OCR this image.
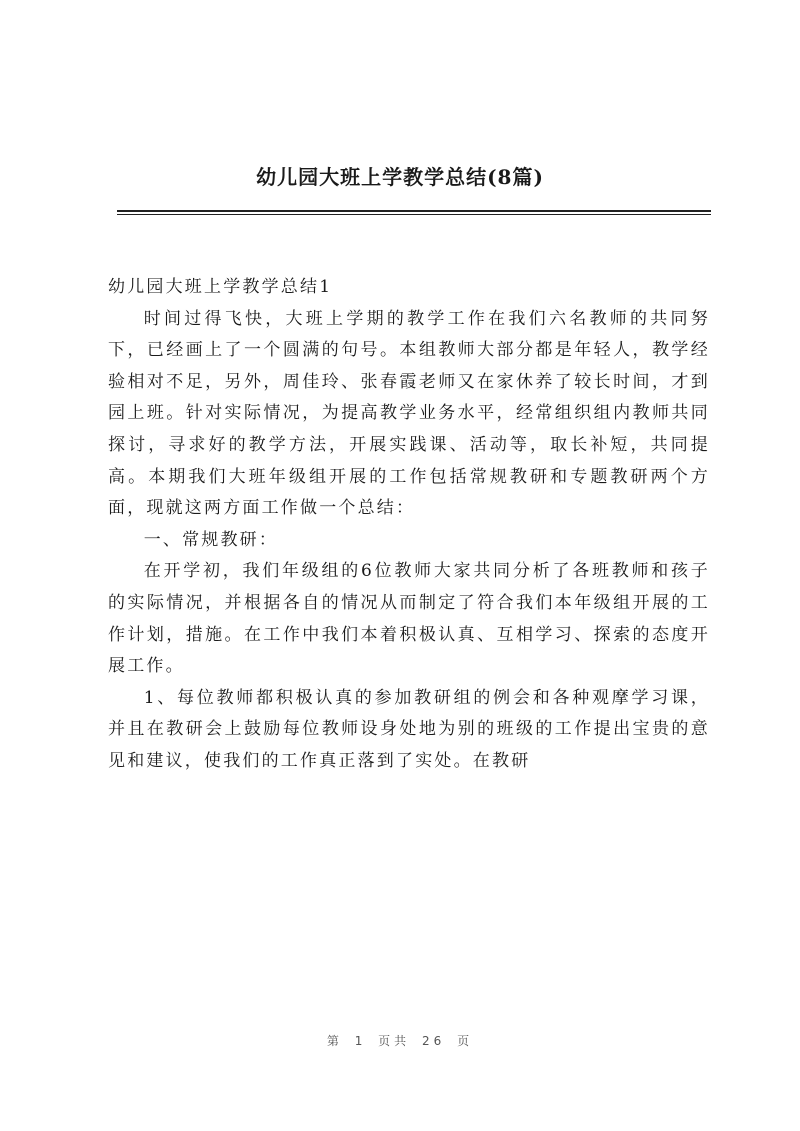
幼儿园大班上学教学总结(8篇)

幼儿园大班上学教学总结1

时间过得飞快，大班上学期的教学工作在我们六名教师的共同努下，已经画上了一个圆满的句号。本组教师大部分都是年轻人，教学经验相对不足，另外，周佳玲、张春霞老师又在家休养了较长时间，才到园上班。针对实际情况，为提高教学业务水平，经常组织组内教师共同探讨，寻求好的教学方法，开展实践课、活动等，取长补短，共同提高。本期我们大班年级组开展的工作包括常规教研和专题教研两个方面，现就这两方面工作做一个总结：

一、常规教研：

在开学初，我们年级组的6位教师大家共同分析了各班教师和孩子的实际情况，并根据各自的情况从而制定了符合我们本年级组开展的工作计划，措施。在工作中我们本着积极认真、互相学习、探索的态度开展工作。

1、每位教师都积极认真的参加教研组的例会和各种观摩学习课，并且在教研会上鼓励每位教师设身处地为别的班级的工作提出宝贵的意见和建议，使我们的工作真正落到了实处。在教研

第 1 页共 26 页
